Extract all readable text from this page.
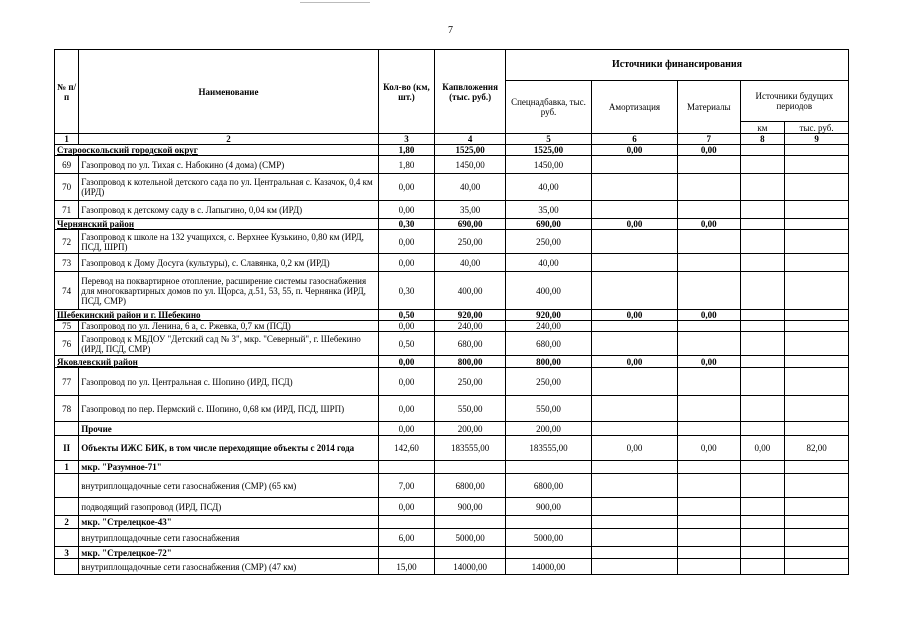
7
№ п/п	Наименование	Кол-во (км, шт.)	Капвложения (тыс. руб.)	Источники финансирования				
				Спецнадбавка, тыс. руб.	Амортизация	Материалы	Источники будущих периодов	
							км	тыс. руб.
1	2	3	4	5	6	7	8	9
Старооскольский городской округ		1,80	1525,00	1525,00	0,00	0,00		
69	Газопровод по ул. Тихая с. Набокино (4 дома) (СМР)	1,80	1450,00	1450,00				
70	Газопровод к котельной детского сада по ул. Центральная с. Казачок, 0,4 км (ИРД)	0,00	40,00	40,00				
71	Газопровод к детскому саду в с. Лапыгино, 0,04 км (ИРД)	0,00	35,00	35,00				
Чернянский район		0,30	690,00	690,00	0,00	0,00		
72	Газопровод к школе на 132 учащихся, с. Верхнее Кузькино, 0,80 км (ИРД, ПСД, ШРП)	0,00	250,00	250,00				
73	Газопровод к Дому Досуга (культуры), с. Славянка, 0,2 км (ИРД)	0,00	40,00	40,00				
74	Перевод на поквартирное отопление, расширение системы газоснабжения для многоквартирных домов по ул. Щорса, д.51, 53, 55, п. Чернянка (ИРД, ПСД, СМР)	0,30	400,00	400,00				
Шебекинский район и г. Шебекино		0,50	920,00	920,00	0,00	0,00		
75	Газопровод по ул. Ленина, 6 а, с. Ржевка, 0,7 км (ПСД)	0,00	240,00	240,00				
76	Газопровод к МБДОУ "Детский сад № 3", мкр. "Северный", г. Шебекино (ИРД, ПСД, СМР)	0,50	680,00	680,00				
Яковлевский район		0,00	800,00	800,00	0,00	0,00		
77	Газопровод по ул. Центральная с. Шопино (ИРД, ПСД)	0,00	250,00	250,00				
78	Газопровод по пер. Пермский с. Шопино, 0,68 км (ИРД, ПСД, ШРП)	0,00	550,00	550,00				
	Прочие	0,00	200,00	200,00				
II	Объекты ИЖС БИК, в том числе переходящие объекты с 2014 года	142,60	183555,00	183555,00	0,00	0,00	0,00	82,00
1	мкр. "Разумное-71"							
	внутриплощадочные сети газоснабжения (СМР) (65 км)	7,00	6800,00	6800,00				
	подводящий газопровод (ИРД, ПСД)	0,00	900,00	900,00				
2	мкр. "Стрелецкое-43"							
	внутриплощадочные сети газоснабжения	6,00	5000,00	5000,00				
3	мкр. "Стрелецкое-72"							
	внутриплощадочные сети газоснабжения (СМР) (47 км)	15,00	14000,00	14000,00				
